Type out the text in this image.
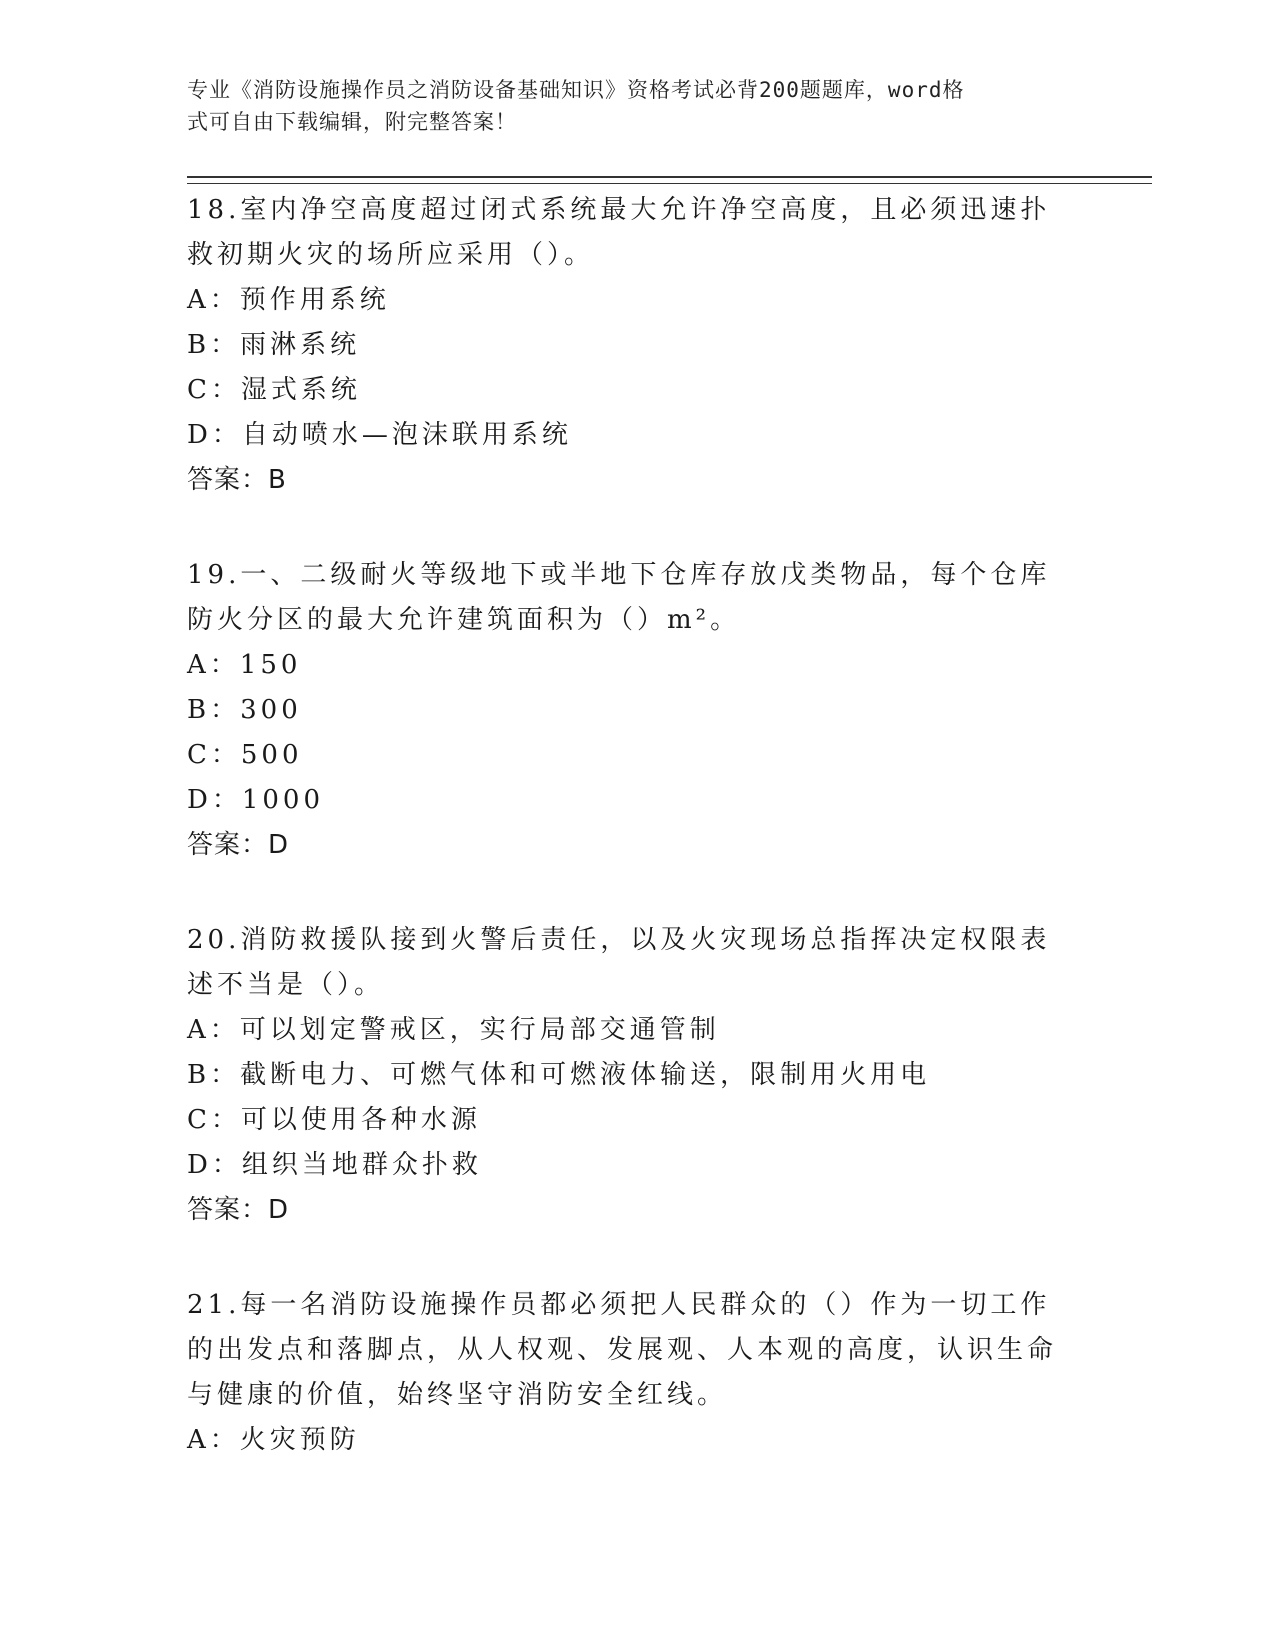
专业《消防设施操作员之消防设备基础知识》资格考试必背200题题库，word格
式可自由下载编辑，附完整答案！

18.室内净空高度超过闭式系统最大允许净空高度，且必须迅速扑救初期火灾的场所应采用（）。

A：预作用系统

B：雨淋系统

C：湿式系统

D：自动喷水—泡沫联用系统

答案：B

19.一、二级耐火等级地下或半地下仓库存放戊类物品，每个仓库防火分区的最大允许建筑面积为（）m²。

A：150

B：300

C：500

D：1000

答案：D

20.消防救援队接到火警后责任，以及火灾现场总指挥决定权限表述不当是（）。

A：可以划定警戒区，实行局部交通管制

B：截断电力、可燃气体和可燃液体输送，限制用火用电

C：可以使用各种水源

D：组织当地群众扑救

答案：D

21.每一名消防设施操作员都必须把人民群众的（）作为一切工作的出发点和落脚点，从人权观、发展观、人本观的高度，认识生命与健康的价值，始终坚守消防安全红线。

A：火灾预防
